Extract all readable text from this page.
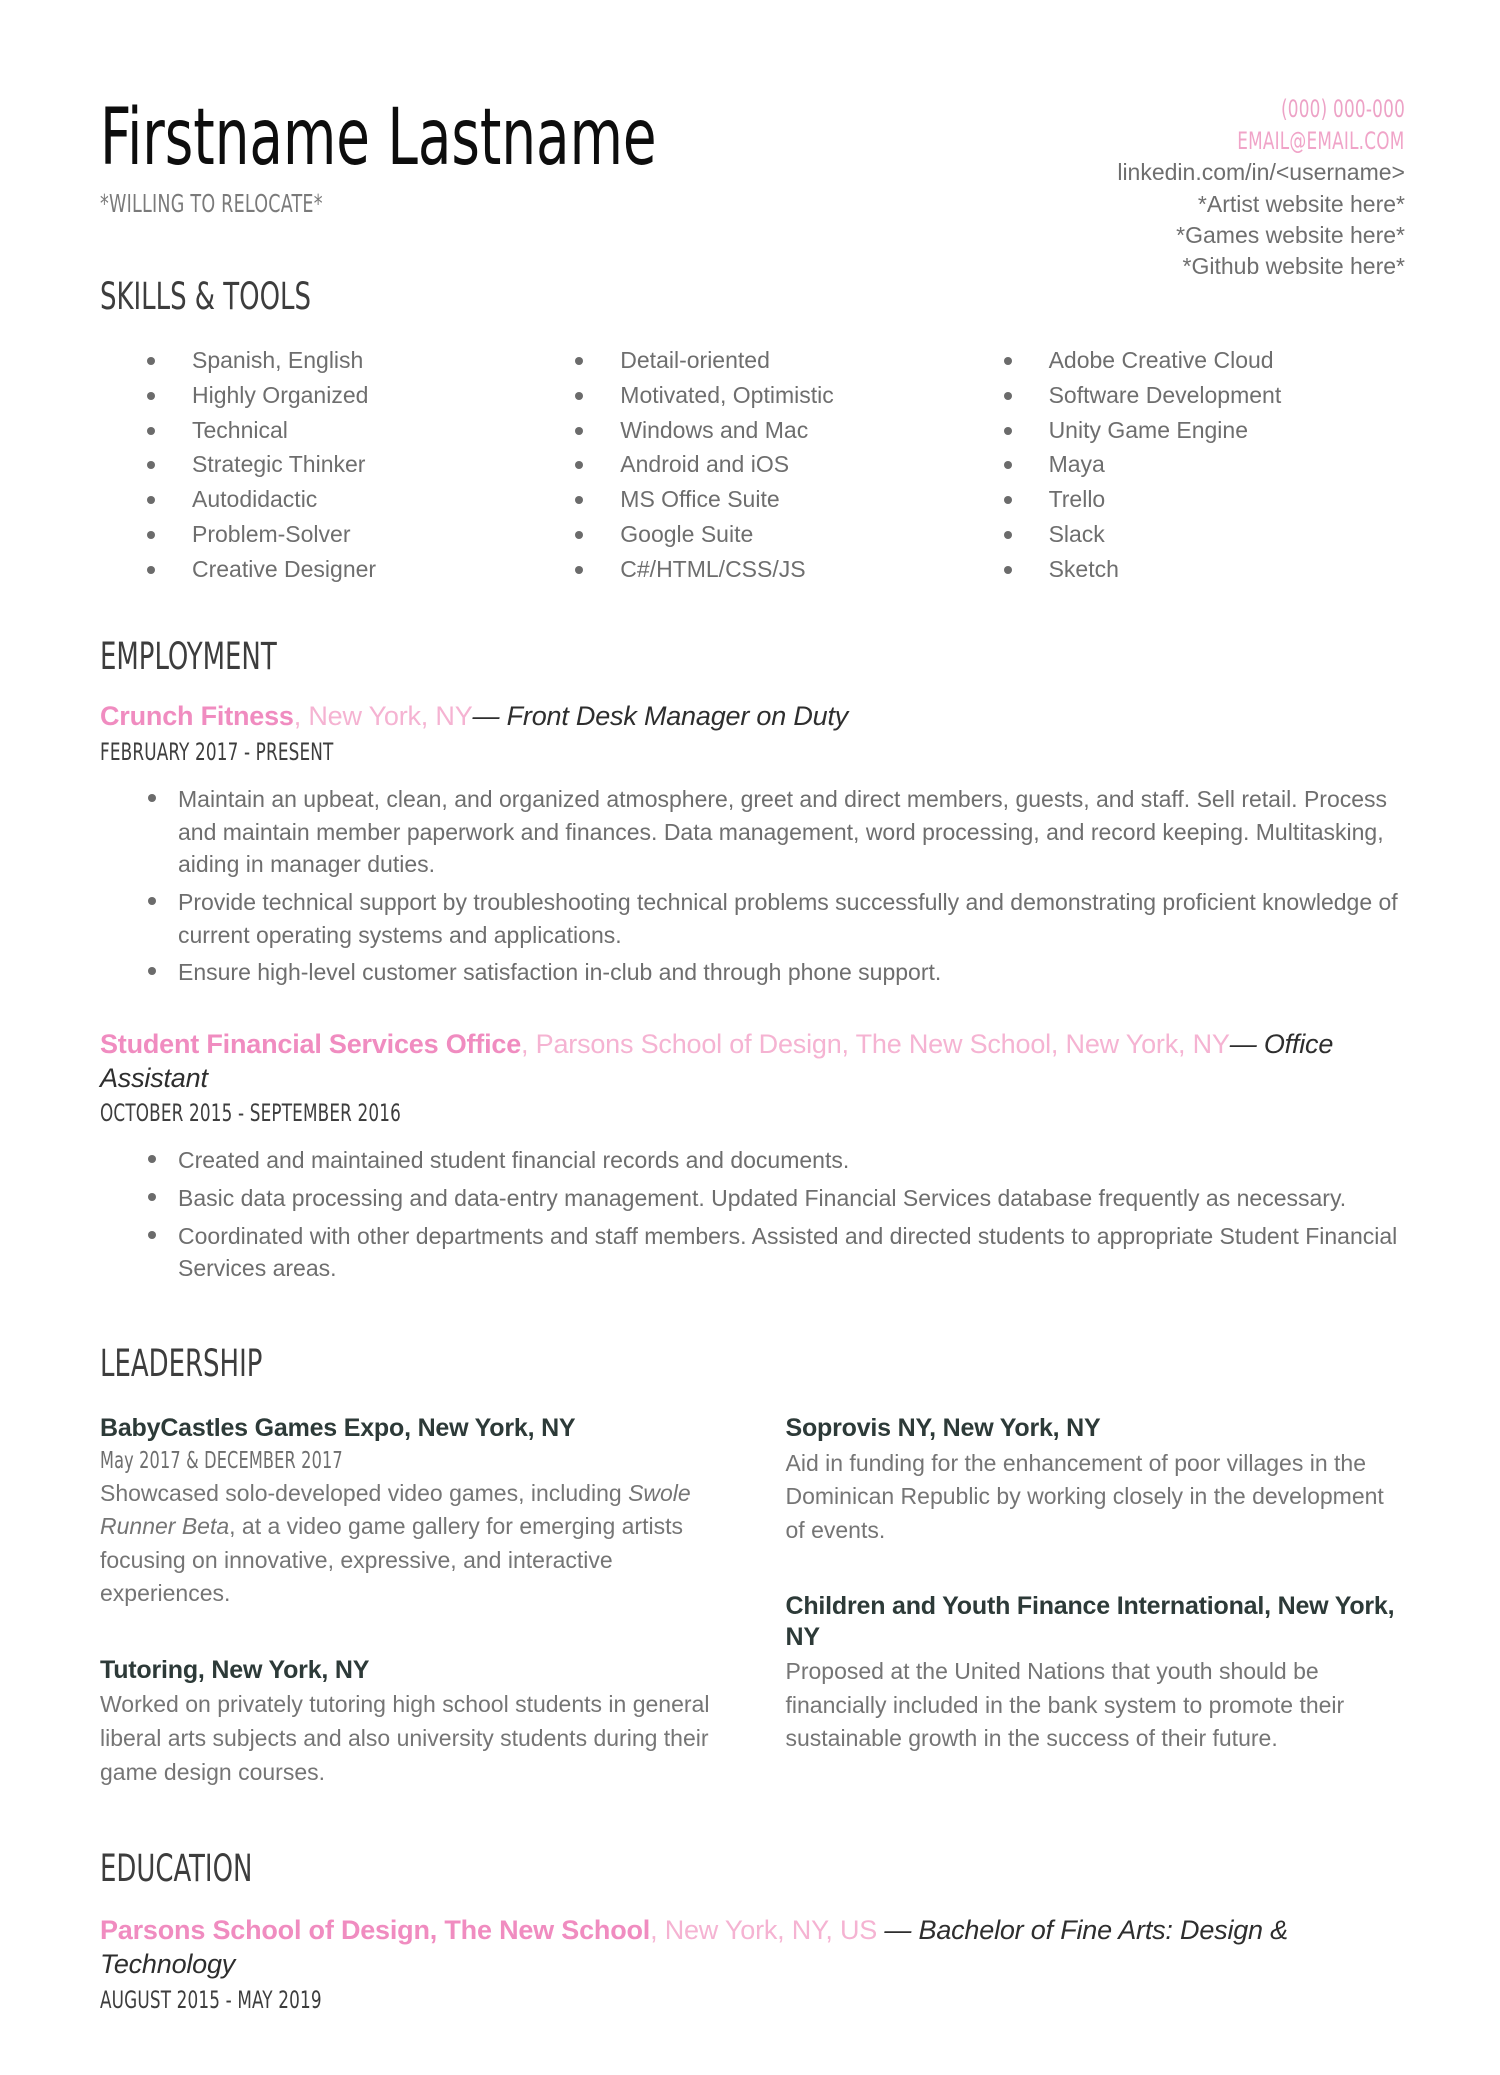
Firstname Lastname
*WILLING TO RELOCATE*
(000) 000-000
EMAIL@EMAIL.COM
linkedin.com/in/<username>
*Artist website here*
*Games website here*
*Github website here*
SKILLS & TOOLS
Spanish, English
Highly Organized
Technical
Strategic Thinker
Autodidactic
Problem-Solver
Creative Designer
Detail-oriented
Motivated, Optimistic
Windows and Mac
Android and iOS
MS Office Suite
Google Suite
C#/HTML/CSS/JS
Adobe Creative Cloud
Software Development
Unity Game Engine
Maya
Trello
Slack
Sketch
EMPLOYMENT
Crunch Fitness, New York, NY— Front Desk Manager on Duty
FEBRUARY 2017 - PRESENT
Maintain an upbeat, clean, and organized atmosphere, greet and direct members, guests, and staff. Sell retail. Process and maintain member paperwork and finances. Data management, word processing, and record keeping. Multitasking, aiding in manager duties.
Provide technical support by troubleshooting technical problems successfully and demonstrating proficient knowledge of current operating systems and applications.
Ensure high-level customer satisfaction in-club and through phone support.
Student Financial Services Office, Parsons School of Design, The New School, New York, NY— Office Assistant
OCTOBER 2015 - SEPTEMBER 2016
Created and maintained student financial records and documents.
Basic data processing and data-entry management. Updated Financial Services database frequently as necessary.
Coordinated with other departments and staff members. Assisted and directed students to appropriate Student Financial Services areas.
LEADERSHIP
BabyCastles Games Expo, New York, NY
May 2017 & DECEMBER 2017
Showcased solo-developed video games, including Swole Runner Beta, at a video game gallery for emerging artists focusing on innovative, expressive, and interactive experiences.
Tutoring, New York, NY
Worked on privately tutoring high school students in general liberal arts subjects and also university students during their game design courses.
Soprovis NY, New York, NY
Aid in funding for the enhancement of poor villages in the Dominican Republic by working closely in the development of events.
Children and Youth Finance International, New York, NY
Proposed at the United Nations that youth should be financially included in the bank system to promote their sustainable growth in the success of their future.
EDUCATION
Parsons School of Design, The New School, New York, NY, US — Bachelor of Fine Arts: Design & Technology
AUGUST 2015 - MAY 2019
